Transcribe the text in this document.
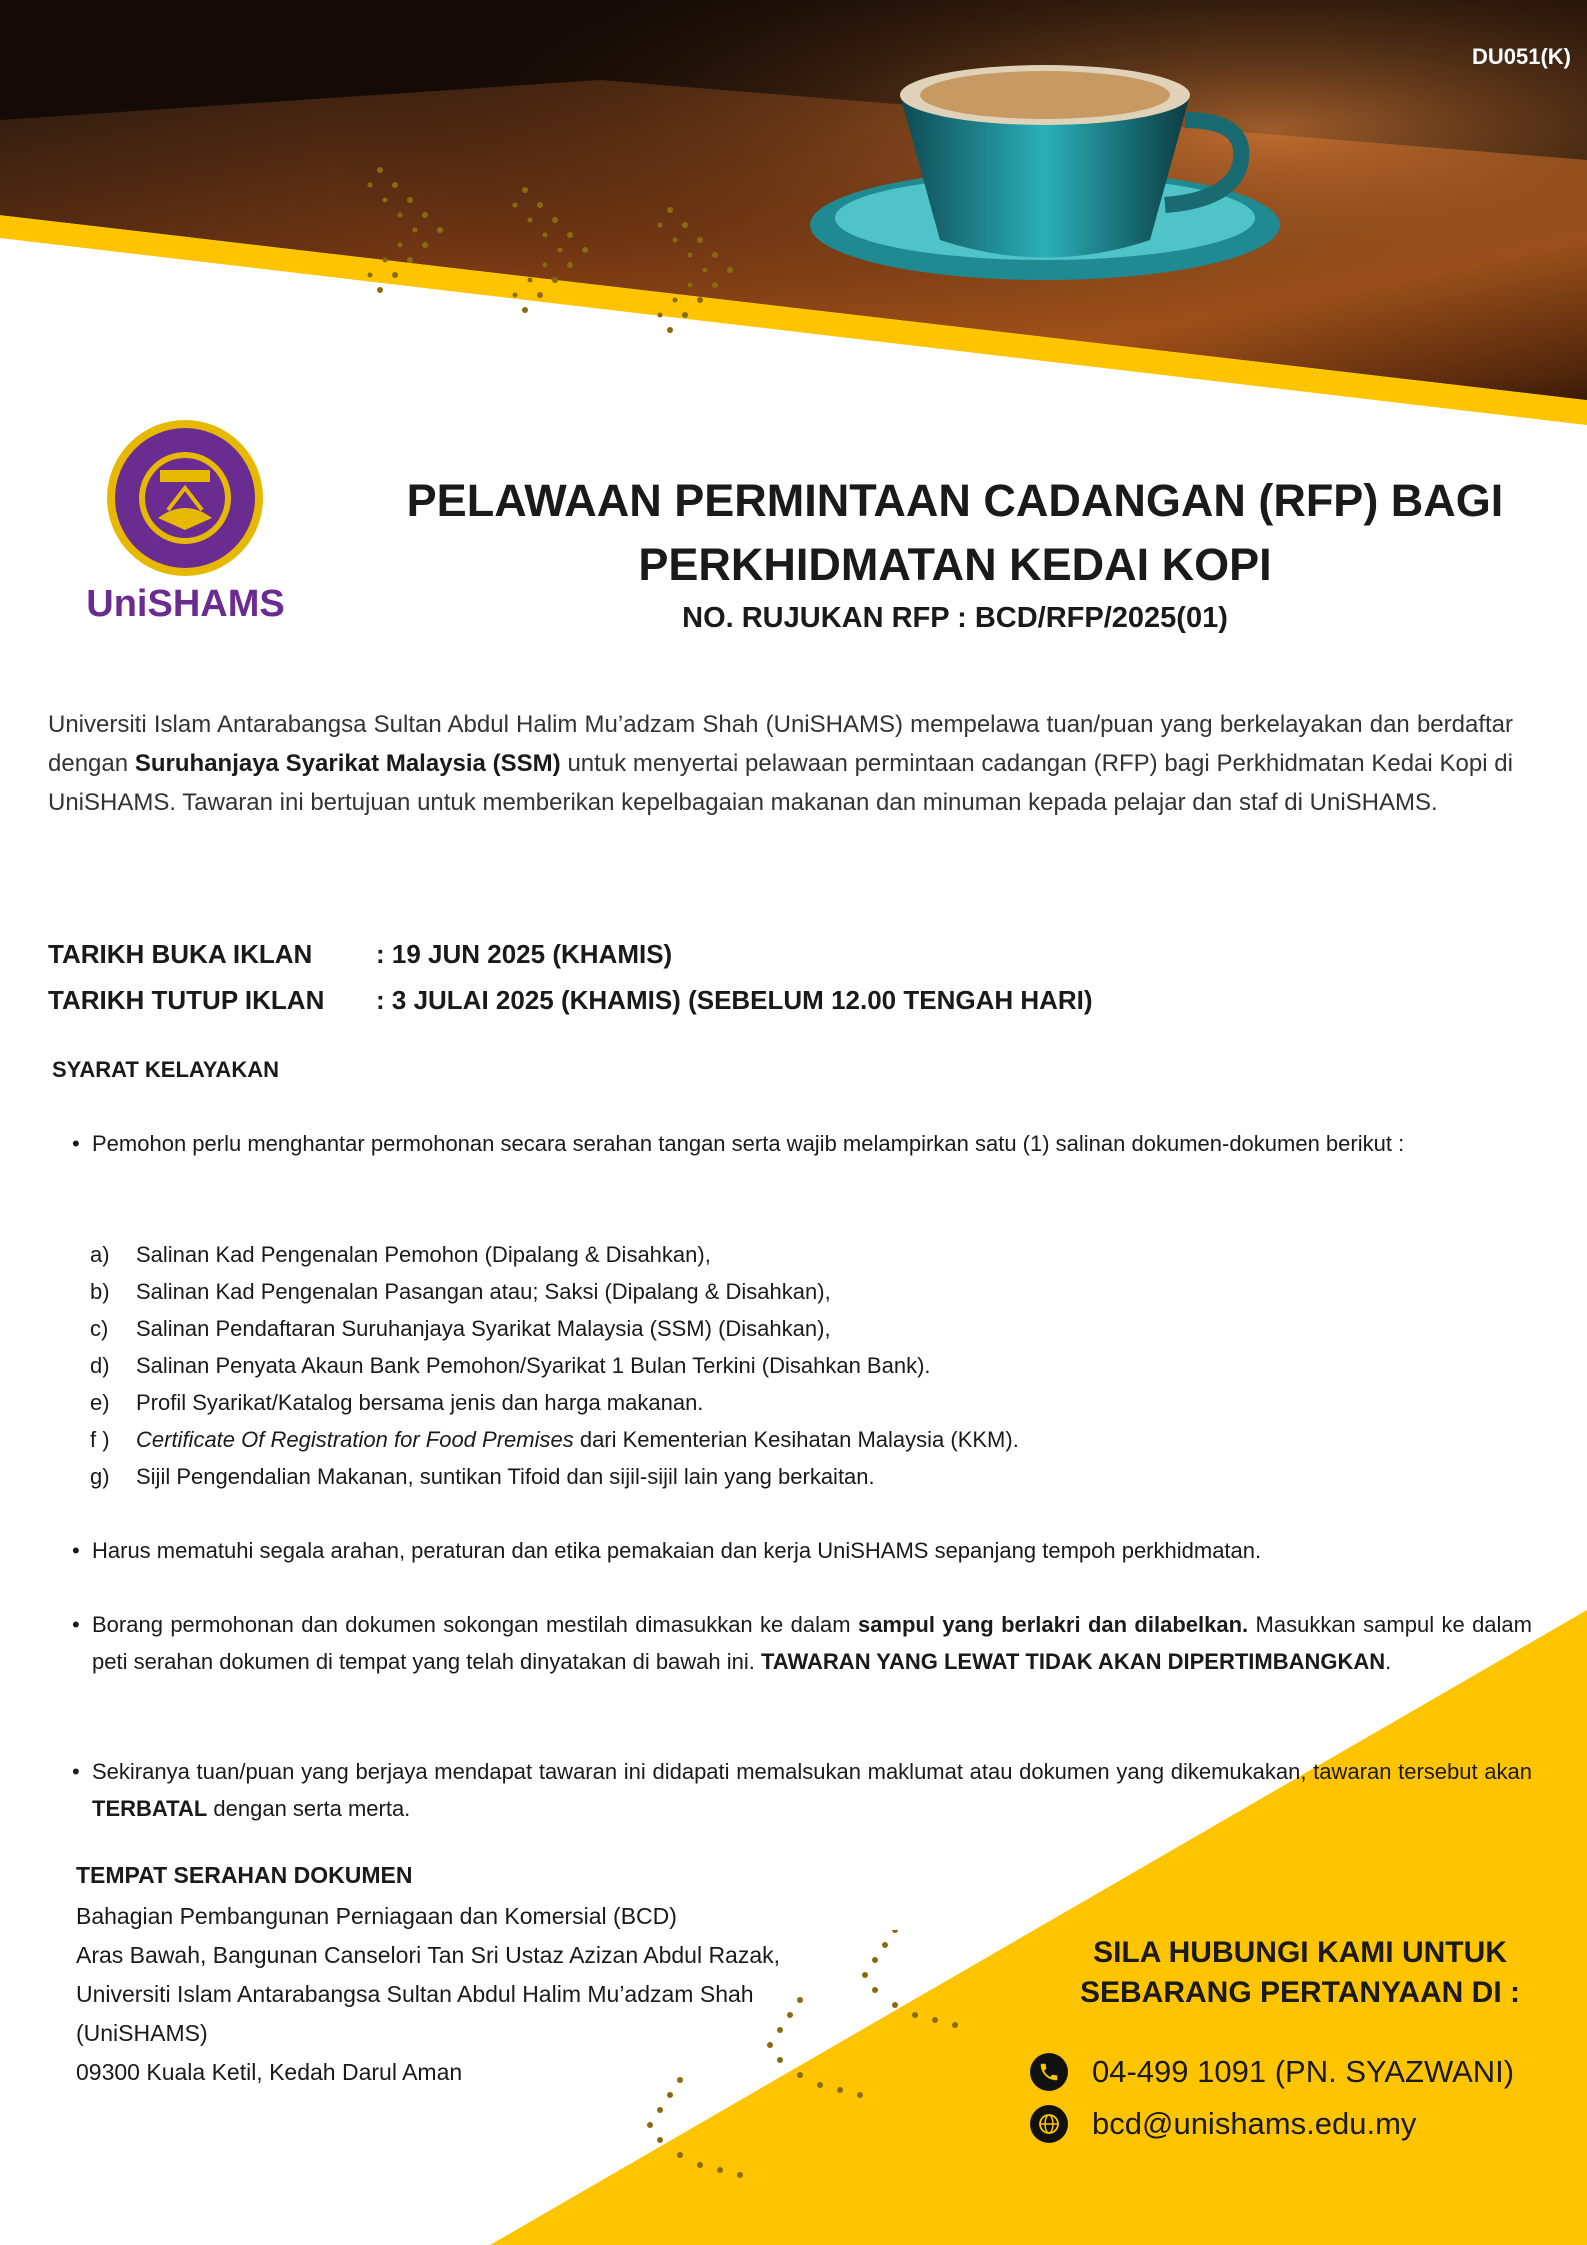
DU051(K)
UniSHAMS
PELAWAAN PERMINTAAN CADANGAN (RFP) BAGI
PERKHIDMATAN KEDAI KOPI
NO. RUJUKAN RFP : BCD/RFP/2025(01)
Universiti Islam Antarabangsa Sultan Abdul Halim Mu’adzam Shah (UniSHAMS) mempelawa tuan/puan yang berkelayakan dan berdaftar dengan Suruhanjaya Syarikat Malaysia (SSM) untuk menyertai pelawaan permintaan cadangan (RFP) bagi Perkhidmatan Kedai Kopi di UniSHAMS. Tawaran ini bertujuan untuk memberikan kepelbagaian makanan dan minuman kepada pelajar dan staf di UniSHAMS.
TARIKH BUKA IKLAN : 19 JUN 2025 (KHAMIS)
TARIKH TUTUP IKLAN : 3 JULAI 2025 (KHAMIS) (SEBELUM 12.00 TENGAH HARI)
SYARAT KELAYAKAN
• Pemohon perlu menghantar permohonan secara serahan tangan serta wajib melampirkan satu (1) salinan dokumen-dokumen berikut :
a) Salinan Kad Pengenalan Pemohon (Dipalang & Disahkan),
b) Salinan Kad Pengenalan Pasangan atau; Saksi (Dipalang & Disahkan),
c) Salinan Pendaftaran Suruhanjaya Syarikat Malaysia (SSM) (Disahkan),
d) Salinan Penyata Akaun Bank Pemohon/Syarikat 1 Bulan Terkini (Disahkan Bank).
e) Profil Syarikat/Katalog bersama jenis dan harga makanan.
f ) Certificate Of Registration for Food Premises dari Kementerian Kesihatan Malaysia (KKM).
g) Sijil Pengendalian Makanan, suntikan Tifoid dan sijil-sijil lain yang berkaitan.
• Harus mematuhi segala arahan, peraturan dan etika pemakaian dan kerja UniSHAMS sepanjang tempoh perkhidmatan.
• Borang permohonan dan dokumen sokongan mestilah dimasukkan ke dalam sampul yang berlakri dan dilabelkan. Masukkan sampul ke dalam peti serahan dokumen di tempat yang telah dinyatakan di bawah ini. TAWARAN YANG LEWAT TIDAK AKAN DIPERTIMBANGKAN.
• Sekiranya tuan/puan yang berjaya mendapat tawaran ini didapati memalsukan maklumat atau dokumen yang dikemukakan, tawaran tersebut akan TERBATAL dengan serta merta.
TEMPAT SERAHAN DOKUMEN
Bahagian Pembangunan Perniagaan dan Komersial (BCD)
Aras Bawah, Bangunan Canselori Tan Sri Ustaz Azizan Abdul Razak,
Universiti Islam Antarabangsa Sultan Abdul Halim Mu’adzam Shah
(UniSHAMS)
09300 Kuala Ketil, Kedah Darul Aman
SILA HUBUNGI KAMI UNTUK
SEBARANG PERTANYAAN DI :
04-499 1091 (PN. SYAZWANI)
bcd@unishams.edu.my
